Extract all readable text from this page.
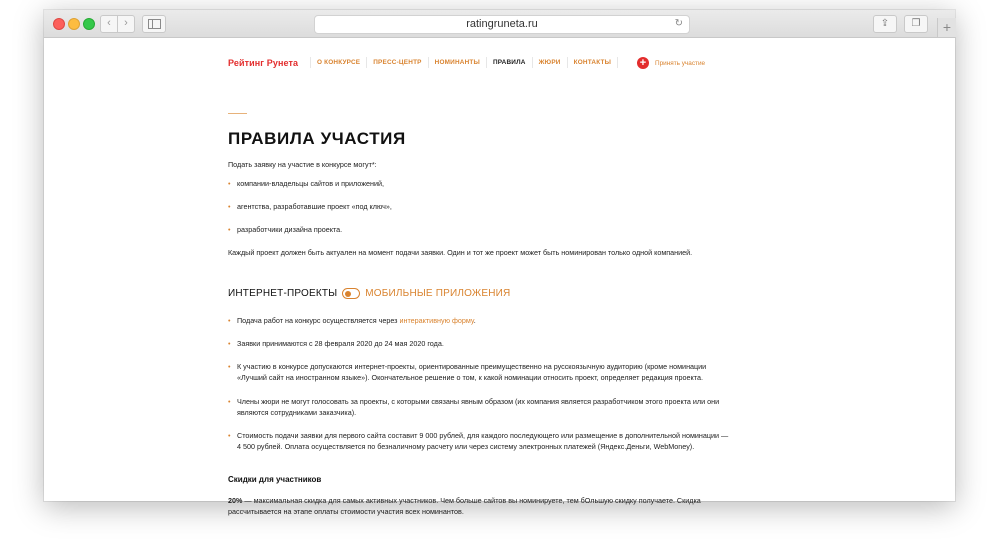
‹	›	ratingruneta.ru	↻	⇪	❐	+
Рейтинг Рунета	О КОНКУРСЕ	ПРЕСС-ЦЕНТР	НОМИНАНТЫ	ПРАВИЛА	ЖЮРИ	КОНТАКТЫ	+	Принять участие
ПРАВИЛА УЧАСТИЯ
Подать заявку на участие в конкурсе могут*:
• компании-владельцы сайтов и приложений,
• агентства, разработавшие проект «под ключ»,
• разработчики дизайна проекта.
Каждый проект должен быть актуален на момент подачи заявки. Один и тот же проект может быть номинирован только одной компанией.
ИНТЕРНЕТ-ПРОЕКТЫ	МОБИЛЬНЫЕ ПРИЛОЖЕНИЯ
• Подача работ на конкурс осуществляется через интерактивную форму.
• Заявки принимаются с 28 февраля 2020 до 24 мая 2020 года.
• К участию в конкурсе допускаются интернет-проекты, ориентированные преимущественно на русскоязычную аудиторию (кроме номинации
«Лучший сайт на иностранном языке»). Окончательное решение о том, к какой номинации относить проект, определяет редакция проекта.
• Члены жюри не могут голосовать за проекты, с которыми связаны явным образом (их компания является разработчиком этого проекта или они
являются сотрудниками заказчика).
• Стоимость подачи заявки для первого сайта составит 9 000 рублей, для каждого последующего или размещение в дополнительной номинации —
4 500 рублей. Оплата осуществляется по безналичному расчету или через систему электронных платежей (Яндекс.Деньги, WebMoney).
Скидки для участников
20% — максимальная скидка для самых активных участников. Чем больше сайтов вы номинируете, тем бОльшую скидку получаете. Скидка
рассчитывается на этапе оплаты стоимости участия всех номинантов.
